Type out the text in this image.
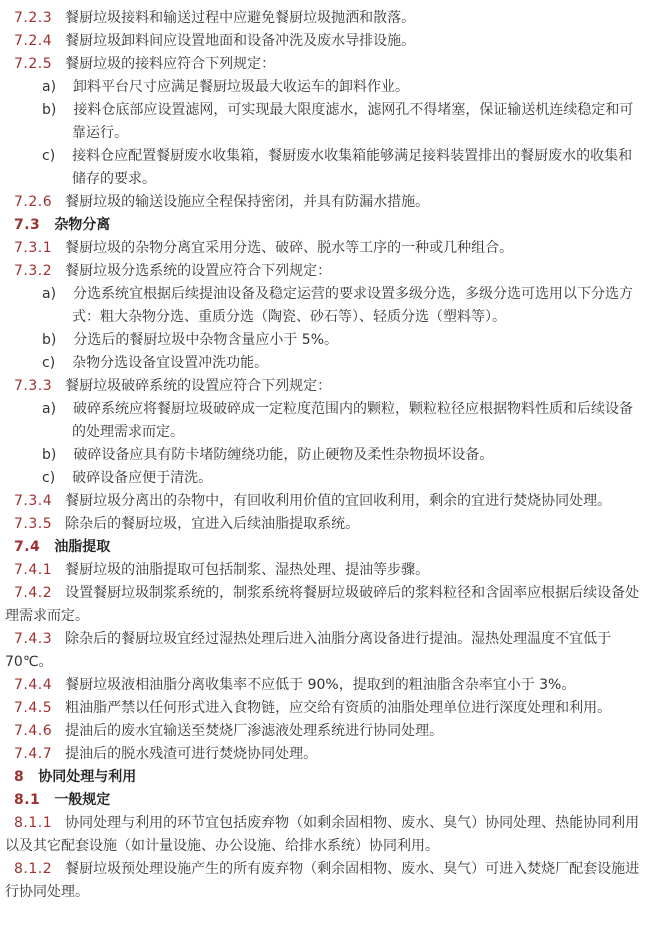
7.2.3 餐厨垃圾接料和输送过程中应避免餐厨垃圾抛洒和散落。

7.2.4 餐厨垃圾卸料间应设置地面和设备冲洗及废水导排设施。

7.2.5 餐厨垃圾的接料应符合下列规定：

a) 卸料平台尺寸应满足餐厨垃圾最大收运车的卸料作业。

b) 接料仓底部应设置滤网，可实现最大限度滤水，滤网孔不得堵塞，保证输送机连续稳定和可靠运行。

c) 接料仓应配置餐厨废水收集箱，餐厨废水收集箱能够满足接料装置排出的餐厨废水的收集和储存的要求。

7.2.6 餐厨垃圾的输送设施应全程保持密闭，并具有防漏水措施。

7.3 杂物分离

7.3.1 餐厨垃圾的杂物分离宜采用分选、破碎、脱水等工序的一种或几种组合。

7.3.2 餐厨垃圾分选系统的设置应符合下列规定：

a) 分选系统宜根据后续提油设备及稳定运营的要求设置多级分选，多级分选可选用以下分选方式：粗大杂物分选、重质分选（陶瓷、砂石等）、轻质分选（塑料等）。

b) 分选后的餐厨垃圾中杂物含量应小于 5%。

c) 杂物分选设备宜设置冲洗功能。

7.3.3 餐厨垃圾破碎系统的设置应符合下列规定：

a) 破碎系统应将餐厨垃圾破碎成一定粒度范围内的颗粒，颗粒粒径应根据物料性质和后续设备的处理需求而定。

b) 破碎设备应具有防卡堵防缠绕功能，防止硬物及柔性杂物损坏设备。

c) 破碎设备应便于清洗。

7.3.4 餐厨垃圾分离出的杂物中，有回收利用价值的宜回收利用，剩余的宜进行焚烧协同处理。

7.3.5 除杂后的餐厨垃圾，宜进入后续油脂提取系统。

7.4 油脂提取

7.4.1 餐厨垃圾的油脂提取可包括制浆、湿热处理、提油等步骤。

7.4.2 设置餐厨垃圾制浆系统的，制浆系统将餐厨垃圾破碎后的浆料粒径和含固率应根据后续设备处理需求而定。

7.4.3 除杂后的餐厨垃圾宜经过湿热处理后进入油脂分离设备进行提油。湿热处理温度不宜低于 70℃。

7.4.4 餐厨垃圾液相油脂分离收集率不应低于 90%，提取到的粗油脂含杂率宜小于 3%。

7.4.5 粗油脂严禁以任何形式进入食物链，应交给有资质的油脂处理单位进行深度处理和利用。

7.4.6 提油后的废水宜输送至焚烧厂渗滤液处理系统进行协同处理。

7.4.7 提油后的脱水残渣可进行焚烧协同处理。

8 协同处理与利用

8.1 一般规定

8.1.1 协同处理与利用的环节宜包括废弃物（如剩余固相物、废水、臭气）协同处理、热能协同利用以及其它配套设施（如计量设施、办公设施、给排水系统）协同利用。

8.1.2 餐厨垃圾预处理设施产生的所有废弃物（剩余固相物、废水、臭气）可进入焚烧厂配套设施进行协同处理。
